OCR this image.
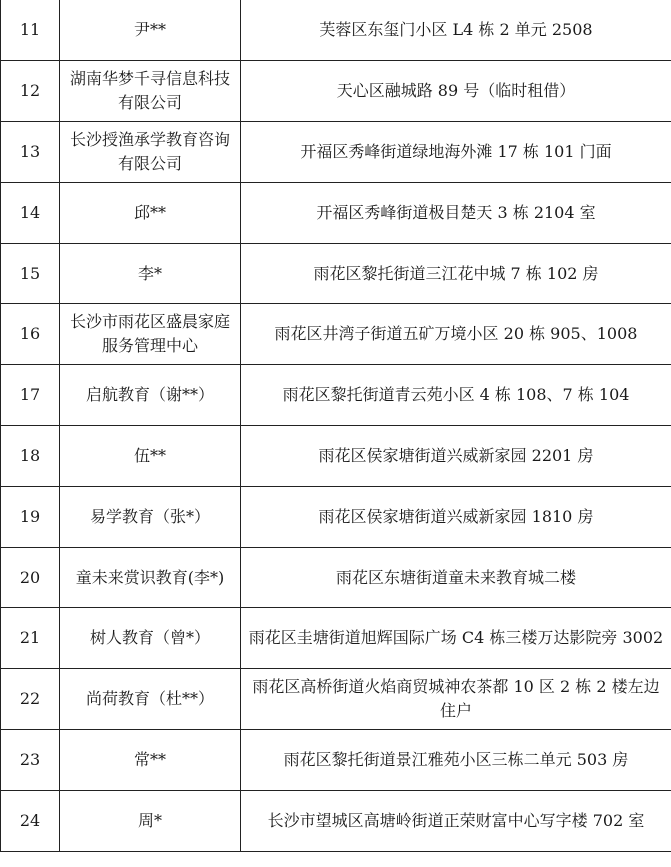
11	尹**	芙蓉区东玺门小区 L4 栋 2 单元 2508
12	湖南华梦千寻信息科技有限公司	天心区融城路 89 号（临时租借）
13	长沙授渔承学教育咨询有限公司	开福区秀峰街道绿地海外滩 17 栋 101 门面
14	邱**	开福区秀峰街道极目楚天 3 栋 2104 室
15	李*	雨花区黎托街道三江花中城 7 栋 102 房
16	长沙市雨花区盛晨家庭服务管理中心	雨花区井湾子街道五矿万境小区 20 栋 905、1008
17	启航教育（谢**）	雨花区黎托街道青云苑小区 4 栋 108、7 栋 104
18	伍**	雨花区侯家塘街道兴威新家园 2201 房
19	易学教育（张*）	雨花区侯家塘街道兴威新家园 1810 房
20	童未来赏识教育(李*)	雨花区东塘街道童未来教育城二楼
21	树人教育（曾*）	雨花区圭塘街道旭辉国际广场 C4 栋三楼万达影院旁 3002
22	尚荷教育（杜**）	雨花区高桥街道火焰商贸城神农茶都 10 区 2 栋 2 楼左边住户
23	常**	雨花区黎托街道景江雅苑小区三栋二单元 503 房
24	周*	长沙市望城区高塘岭街道正荣财富中心写字楼 702 室
